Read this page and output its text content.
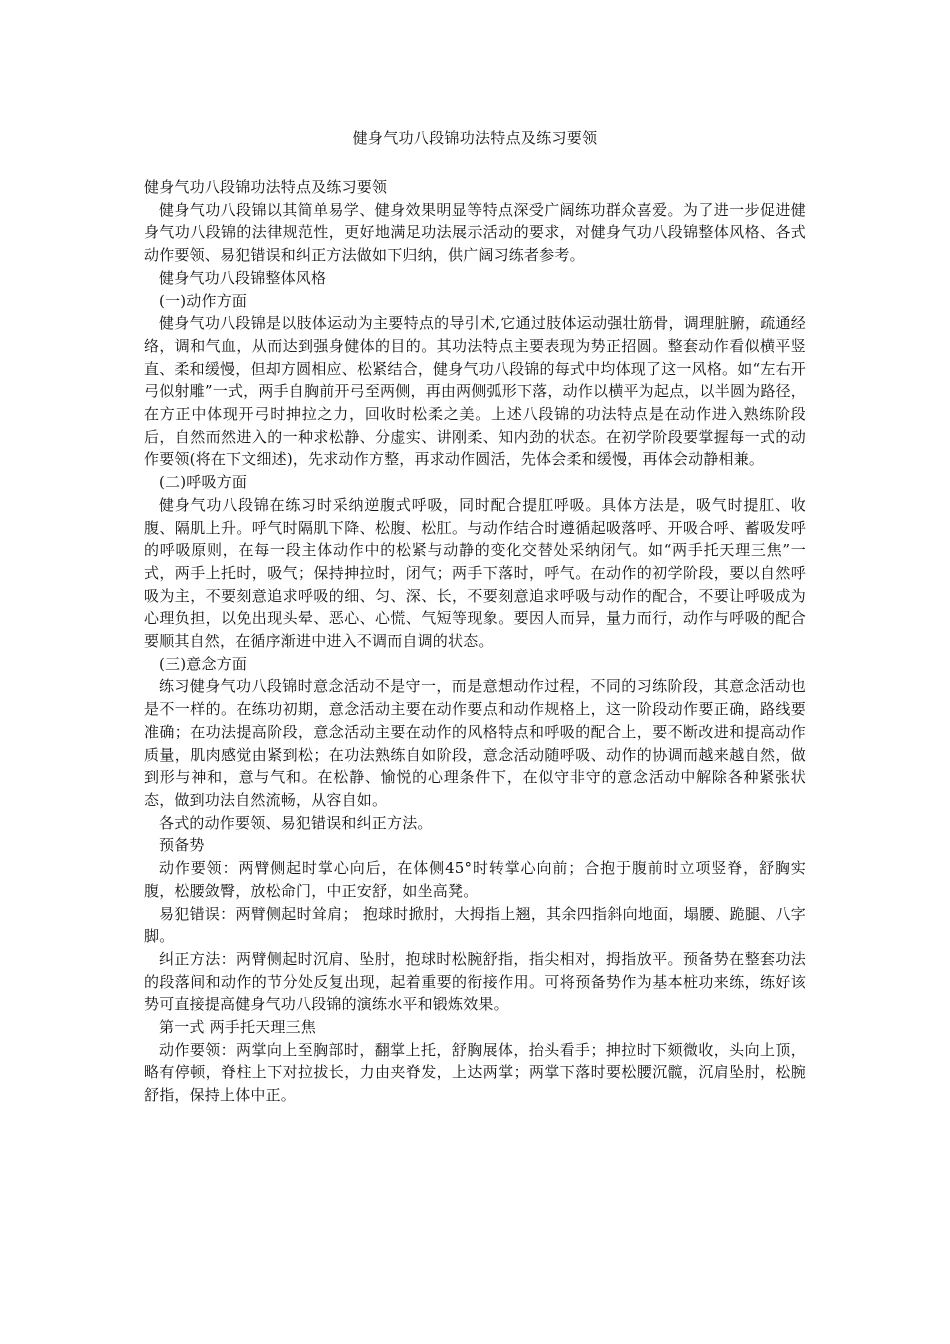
健身气功八段锦功法特点及练习要领

健身气功八段锦功法特点及练习要领

健身气功八段锦以其简单易学、健身效果明显等特点深受广阔练功群众喜爱。为了进一步促进健身气功八段锦的法律规范性，更好地满足功法展示活动的要求，对健身气功八段锦整体风格、各式动作要领、易犯错误和纠正方法做如下归纳，供广阔习练者参考。

健身气功八段锦整体风格

(一)动作方面

健身气功八段锦是以肢体运动为主要特点的导引术,它通过肢体运动强壮筋骨，调理脏腑，疏通经络，调和气血，从而达到强身健体的目的。其功法特点主要表现为势正招圆。整套动作看似横平竖直、柔和缓慢，但却方圆相应、松紧结合，健身气功八段锦的每式中均体现了这一风格。如“左右开弓似射雕”一式，两手自胸前开弓至两侧，再由两侧弧形下落，动作以横平为起点，以半圆为路径，在方正中体现开弓时抻拉之力，回收时松柔之美。上述八段锦的功法特点是在动作进入熟练阶段后，自然而然进入的一种求松静、分虚实、讲刚柔、知内劲的状态。在初学阶段要掌握每一式的动作要领(将在下文细述)，先求动作方整，再求动作圆活，先体会柔和缓慢，再体会动静相兼。

(二)呼吸方面

健身气功八段锦在练习时采纳逆腹式呼吸，同时配合提肛呼吸。具体方法是，吸气时提肛、收腹、隔肌上升。呼气时隔肌下降、松腹、松肛。与动作结合时遵循起吸落呼、开吸合呼、蓄吸发呼的呼吸原则，在每一段主体动作中的松紧与动静的变化交替处采纳闭气。如“两手托天理三焦”一式，两手上托时，吸气；保持抻拉时，闭气；两手下落时，呼气。在动作的初学阶段，要以自然呼吸为主，不要刻意追求呼吸的细、匀、深、长，不要刻意追求呼吸与动作的配合，不要让呼吸成为心理负担，以免出现头晕、恶心、心慌、气短等现象。要因人而异，量力而行，动作与呼吸的配合要顺其自然，在循序渐进中进入不调而自调的状态。

(三)意念方面

练习健身气功八段锦时意念活动不是守一，而是意想动作过程，不同的习练阶段，其意念活动也是不一样的。在练功初期，意念活动主要在动作要点和动作规格上，这一阶段动作要正确，路线要准确；在功法提高阶段，意念活动主要在动作的风格特点和呼吸的配合上，要不断改进和提高动作质量，肌肉感觉由紧到松；在功法熟练自如阶段，意念活动随呼吸、动作的协调而越来越自然，做到形与神和，意与气和。在松静、愉悦的心理条件下，在似守非守的意念活动中解除各种紧张状态，做到功法自然流畅，从容自如。

各式的动作要领、易犯错误和纠正方法。

预备势

动作要领：两臂侧起时掌心向后，在体侧45°时转掌心向前；合抱于腹前时立项竖脊，舒胸实腹，松腰敛臀，放松命门，中正安舒，如坐高凳。

易犯错误：两臂侧起时耸肩； 抱球时掀肘，大拇指上翘，其余四指斜向地面，塌腰、跪腿、八字脚。

纠正方法：两臂侧起时沉肩、坠肘，抱球时松腕舒指，指尖相对，拇指放平。预备势在整套功法的段落间和动作的节分处反复出现，起着重要的衔接作用。可将预备势作为基本桩功来练，练好该势可直接提高健身气功八段锦的演练水平和锻炼效果。

第一式 两手托天理三焦

动作要领：两掌向上至胸部时，翻掌上托，舒胸展体，抬头看手；抻拉时下颏微收，头向上顶，略有停顿，脊柱上下对拉拔长，力由夹脊发，上达两掌；两掌下落时要松腰沉髋，沉肩坠肘，松腕舒指，保持上体中正。
